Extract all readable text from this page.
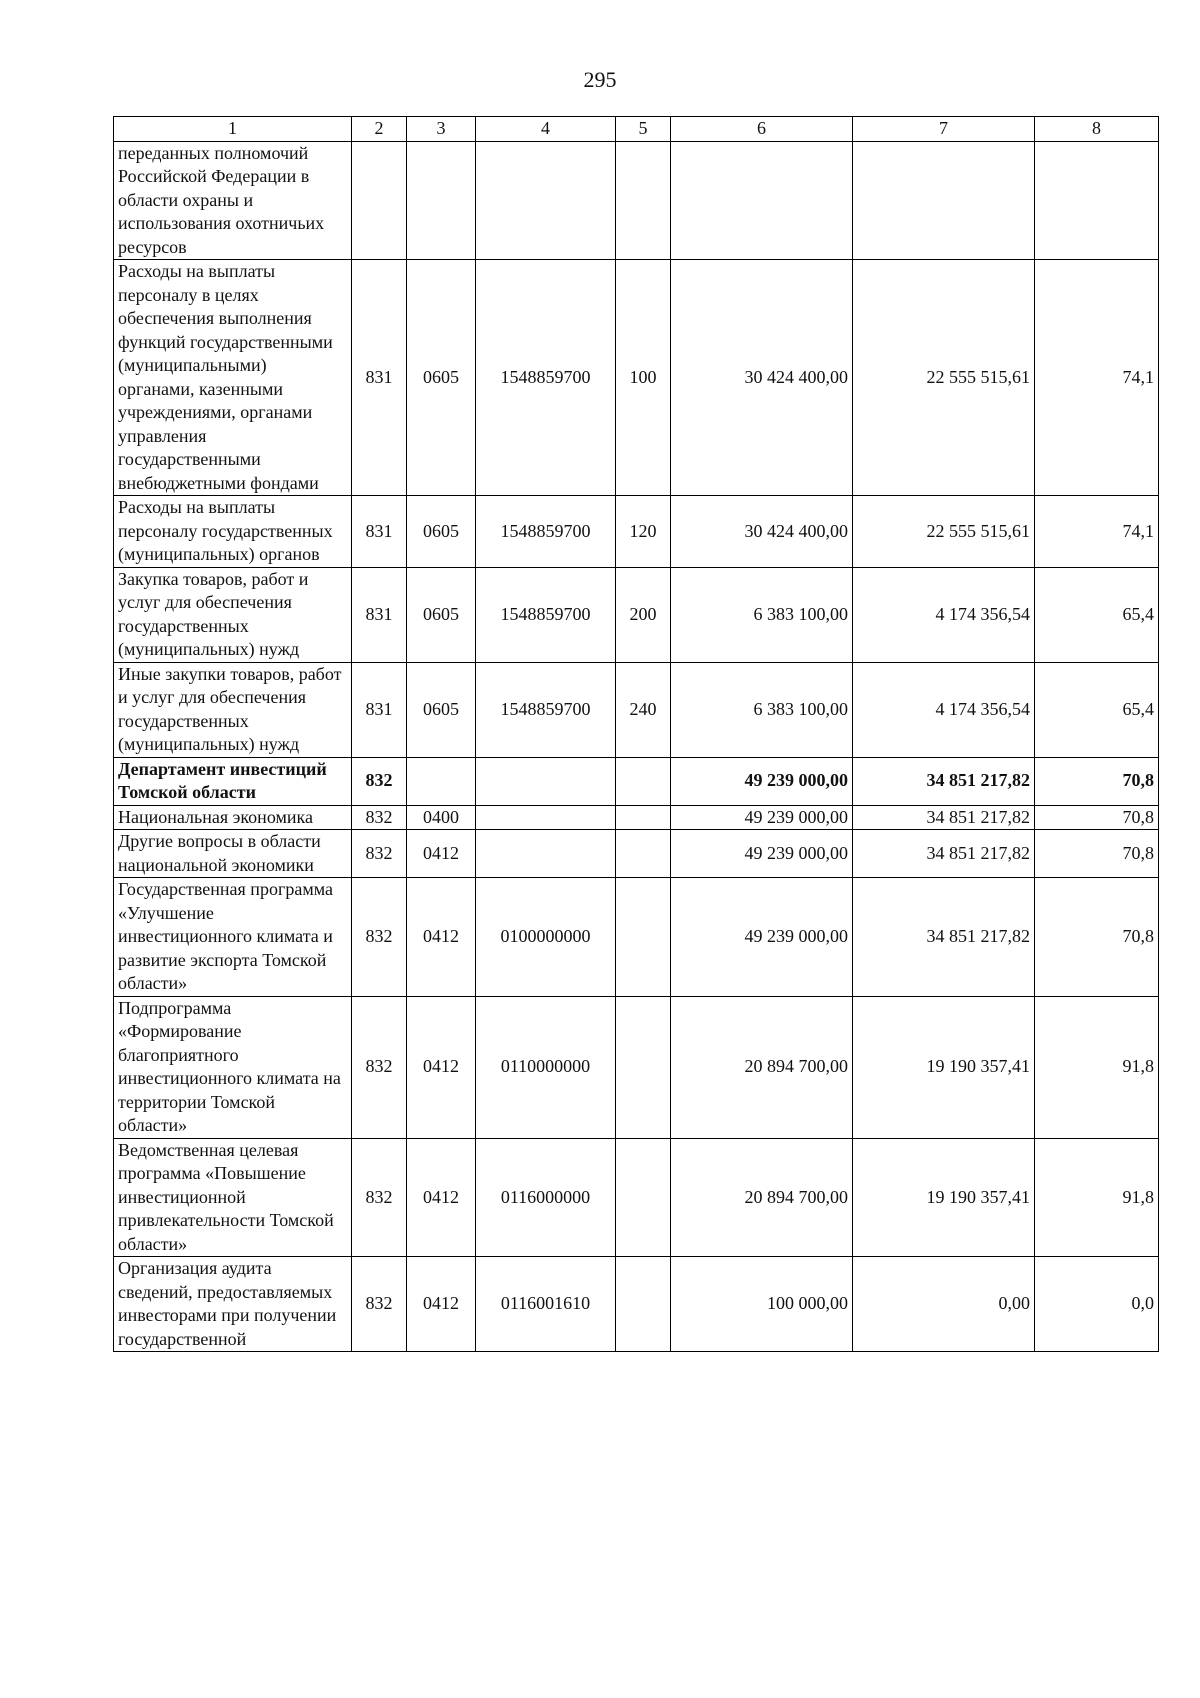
295
1	2	3	4	5	6	7	8
переданных полномочий Российской Федерации в области охраны и использования охотничьих ресурсов							
Расходы на выплаты персоналу в целях обеспечения выполнения функций государственными (муниципальными) органами, казенными учреждениями, органами управления государственными внебюджетными фондами	831	0605	1548859700	100	30 424 400,00	22 555 515,61	74,1
Расходы на выплаты персоналу государственных (муниципальных) органов	831	0605	1548859700	120	30 424 400,00	22 555 515,61	74,1
Закупка товаров, работ и услуг для обеспечения государственных (муниципальных) нужд	831	0605	1548859700	200	6 383 100,00	4 174 356,54	65,4
Иные закупки товаров, работ и услуг для обеспечения государственных (муниципальных) нужд	831	0605	1548859700	240	6 383 100,00	4 174 356,54	65,4
Департамент инвестиций Томской области	832				49 239 000,00	34 851 217,82	70,8
Национальная экономика	832	0400			49 239 000,00	34 851 217,82	70,8
Другие вопросы в области национальной экономики	832	0412			49 239 000,00	34 851 217,82	70,8
Государственная программа «Улучшение инвестиционного климата и развитие экспорта Томской области»	832	0412	0100000000		49 239 000,00	34 851 217,82	70,8
Подпрограмма «Формирование благоприятного инвестиционного климата на территории Томской области»	832	0412	0110000000		20 894 700,00	19 190 357,41	91,8
Ведомственная целевая программа «Повышение инвестиционной привлекательности Томской области»	832	0412	0116000000		20 894 700,00	19 190 357,41	91,8
Организация аудита сведений, предоставляемых инвесторами при получении государственной	832	0412	0116001610		100 000,00	0,00	0,0
